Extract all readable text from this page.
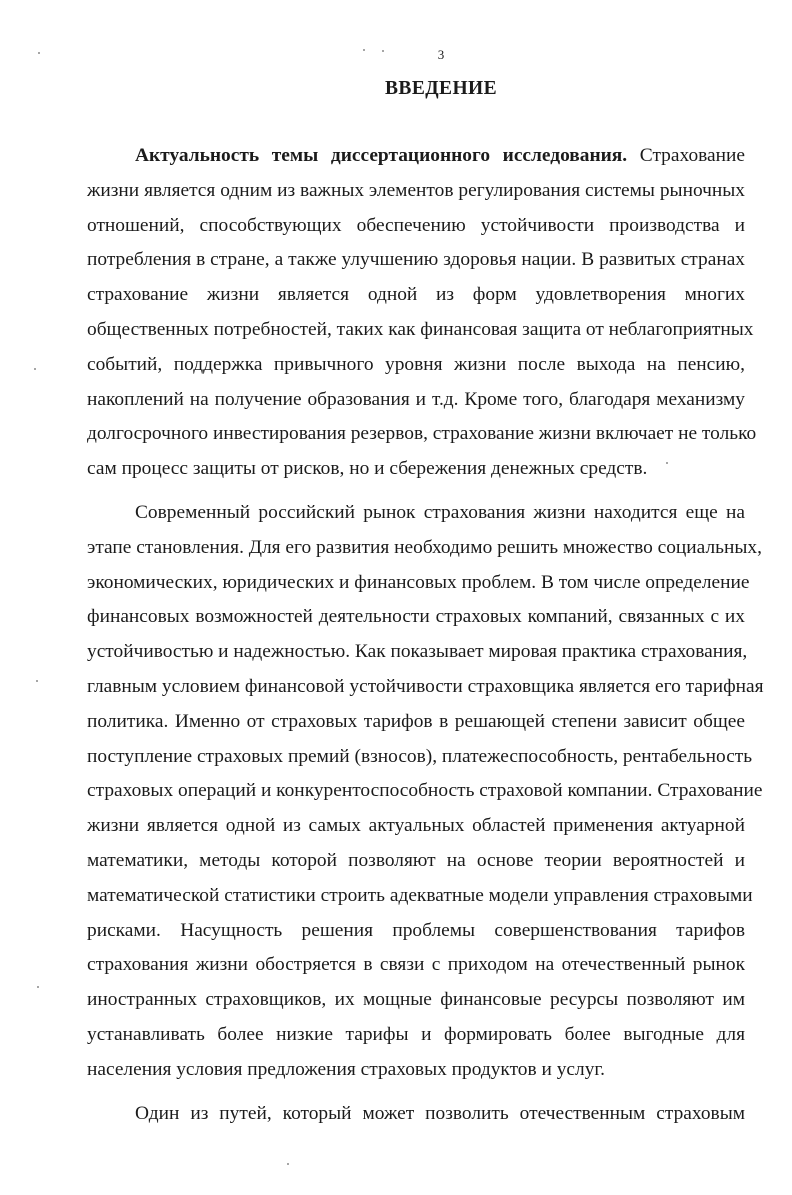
3
ВВЕДЕНИЕ
Актуальность темы диссертационного исследования. Страхование
жизни является одним из важных элементов регулирования системы рыночных
отношений, способствующих обеспечению устойчивости производства и
потребления в стране, а также улучшению здоровья нации. В развитых странах
страхование жизни является одной из форм удовлетворения многих
общественных потребностей, таких как финансовая защита от неблагоприятных
событий, поддержка привычного уровня жизни после выхода на пенсию,
накоплений на получение образования и т.д. Кроме того, благодаря механизму
долгосрочного инвестирования резервов, страхование жизни включает не только
сам процесс защиты от рисков, но и сбережения денежных средств.
Современный российский рынок страхования жизни находится еще на
этапе становления. Для его развития необходимо решить множество социальных,
экономических, юридических и финансовых проблем. В том числе определение
финансовых возможностей деятельности страховых компаний, связанных с их
устойчивостью и надежностью. Как показывает мировая практика страхования,
главным условием финансовой устойчивости страховщика является его тарифная
политика. Именно от страховых тарифов в решающей степени зависит общее
поступление страховых премий (взносов), платежеспособность, рентабельность
страховых операций и конкурентоспособность страховой компании. Страхование
жизни является одной из самых актуальных областей применения актуарной
математики, методы которой позволяют на основе теории вероятностей и
математической статистики строить адекватные модели управления страховыми
рисками. Насущность решения проблемы совершенствования тарифов
страхования жизни обостряется в связи с приходом на отечественный рынок
иностранных страховщиков, их мощные финансовые ресурсы позволяют им
устанавливать более низкие тарифы и формировать более выгодные для
населения условия предложения страховых продуктов и услуг.
Один из путей, который может позволить отечественным страховым
